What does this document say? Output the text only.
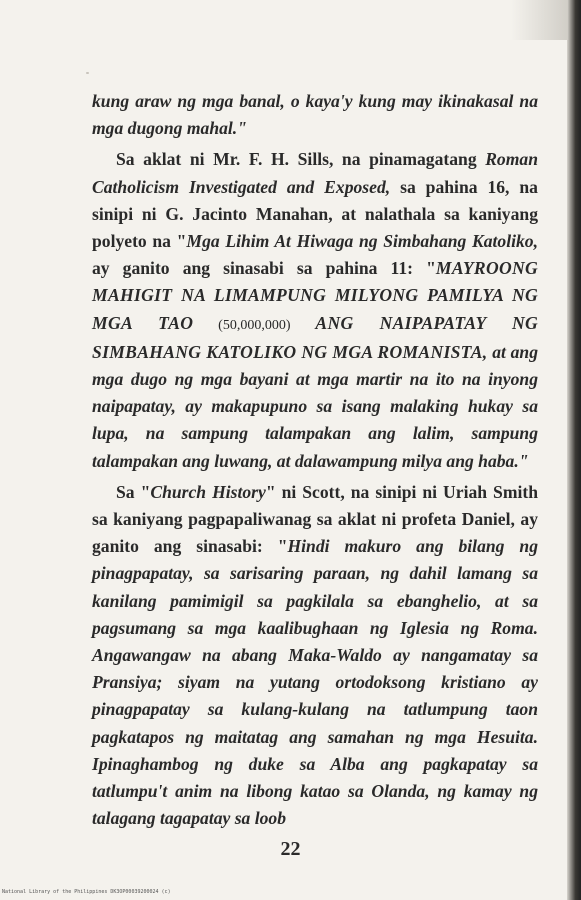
kung araw ng mga banal, o kaya'y kung may ikinakasal na mga dugong mahal."

Sa aklat ni Mr. F. H. Sills, na pinamagatang Roman Catholicism Investigated and Exposed, sa pahina 16, na sinipi ni G. Jacinto Manahan, at nalathala sa kaniyang polyeto na "Mga Lihim At Hiwaga ng Simbahang Katoliko, ay ganito ang sinasabi sa pahina 11: "MAYROONG MAHIGIT NA LIMAMPUNG MILYONG PAMILYA NG MGA TAO (50,000,000) ANG NAIPAPATAY NG SIMBAHANG KATOLIKO NG MGA ROMANISTA, at ang mga dugo ng mga bayani at mga martir na ito na inyong naipapatay, ay makapupuno sa isang malaking hukay sa lupa, na sampung talampakan ang lalim, sampung talampakan ang luwang, at dalawampung milya ang haba."

Sa "Church History" ni Scott, na sinipi ni Uriah Smith sa kaniyang pagpapaliwanag sa aklat ni profeta Daniel, ay ganito ang sinasabi: "Hindi makuro ang bilang ng pinagpapatay, sa sarisaring paraan, ng dahil lamang sa kanilang pamimigil sa pagkilala sa ebanghelio, at sa pagsumang sa mga kaalibughaan ng Iglesia ng Roma. Angawangaw na abang Maka-Waldo ay nangamatay sa Pransiya; siyam na yutang ortodoksong kristiano ay pinagpapatay sa kulang-kulang na tatlumpung taon pagkatapos ng maitatag ang samahan ng mga Hesuita. Ipinaghambog ng duke sa Alba ang pagkapatay sa tatlumpu't anim na libong katao sa Olanda, ng kamay ng talagang tagapatay sa loob

22
National Library of the Philippines DK3OP00039200024 (c)
